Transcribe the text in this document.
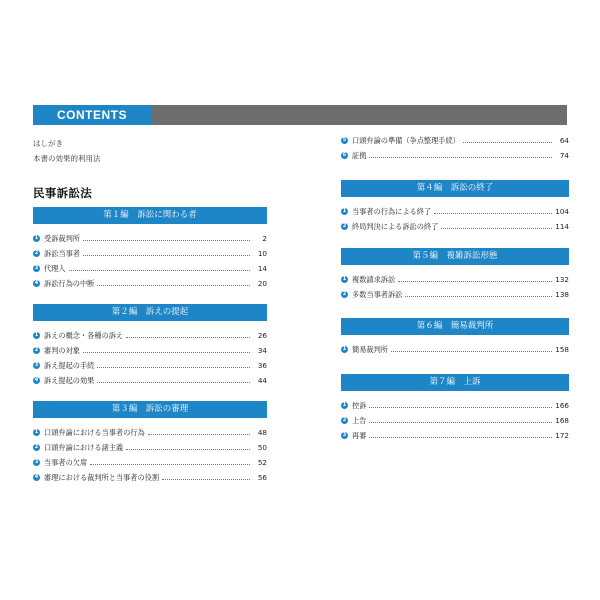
CONTENTS
はしがき
本書の効果的利用法
民事訴訟法
第１編　訴訟に関わる者
1 受訴裁判所	2
2 訴訟当事者	10
3 代理人	14
4 訴訟行為の中断	20
第２編　訴えの提起
1 訴えの概念・各種の訴え	26
2 審判の対象	34
3 訴え提起の手続	36
4 訴え提起の効果	44
第３編　訴訟の審理
1 口頭弁論における当事者の行為	48
2 口頭弁論における諸主義	50
3 当事者の欠席	52
4 審理における裁判所と当事者の役割	56
5 口頭弁論の準備（争点整理手続）	64
6 証拠	74
第４編　訴訟の終了
1 当事者の行為による終了	104
2 終局判決による訴訟の終了	114
第５編　複雑訴訟形態
1 複数請求訴訟	132
2 多数当事者訴訟	138
第６編　簡易裁判所
1 簡易裁判所	158
第７編　上訴
1 控訴	166
2 上告	168
3 再審	172
